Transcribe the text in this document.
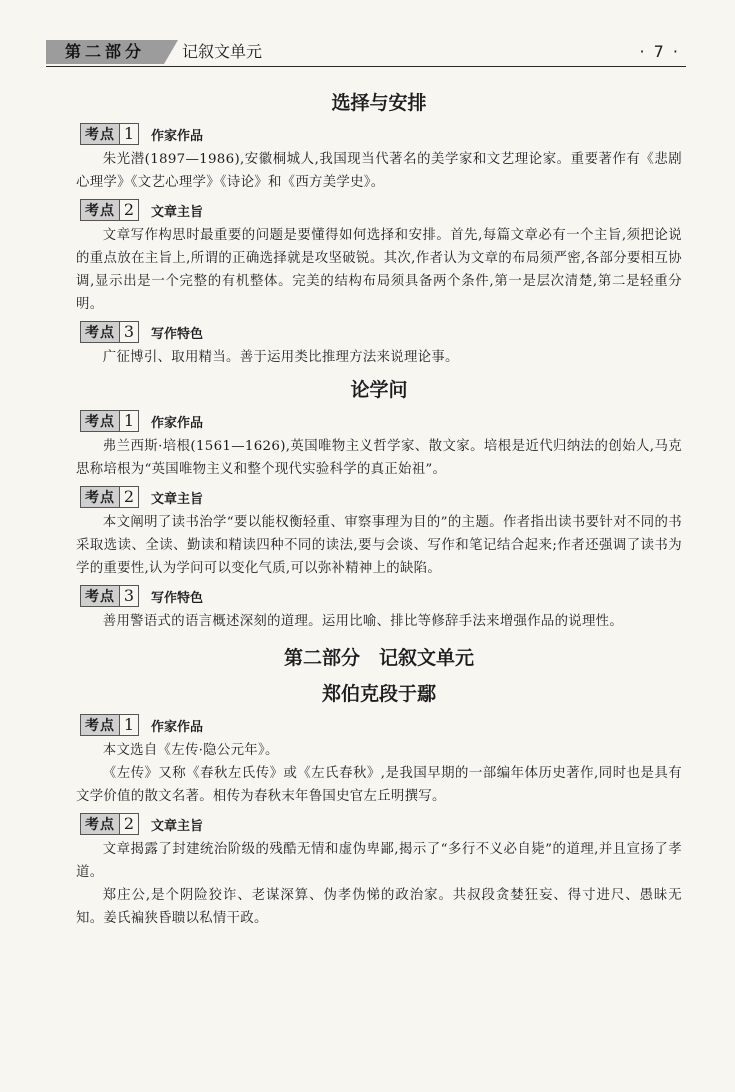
第二部分	记叙文单元	· 7 ·
选择与安排
考点 1	作家作品

朱光潜(1897—1986),安徽桐城人,我国现当代著名的美学家和文艺理论家。重要著作有《悲剧心理学》《文艺心理学》《诗论》和《西方美学史》。

考点 2	文章主旨

文章写作构思时最重要的问题是要懂得如何选择和安排。首先,每篇文章必有一个主旨,须把论说的重点放在主旨上,所谓的正确选择就是攻坚破锐。其次,作者认为文章的布局须严密,各部分要相互协调,显示出是一个完整的有机整体。完美的结构布局须具备两个条件,第一是层次清楚,第二是轻重分明。

考点 3	写作特色

广征博引、取用精当。善于运用类比推理方法来说理论事。

论学问
考点 1	作家作品

弗兰西斯·培根(1561—1626),英国唯物主义哲学家、散文家。培根是近代归纳法的创始人,马克思称培根为“英国唯物主义和整个现代实验科学的真正始祖”。

考点 2	文章主旨

本文阐明了读书治学“要以能权衡轻重、审察事理为目的”的主题。作者指出读书要针对不同的书采取选读、全读、勤读和精读四种不同的读法,要与会谈、写作和笔记结合起来;作者还强调了读书为学的重要性,认为学问可以变化气质,可以弥补精神上的缺陷。

考点 3	写作特色

善用警语式的语言概述深刻的道理。运用比喻、排比等修辞手法来增强作品的说理性。

第二部分　记叙文单元
郑伯克段于鄢
考点 1	作家作品

本文选自《左传·隐公元年》。

《左传》又称《春秋左氏传》或《左氏春秋》,是我国早期的一部编年体历史著作,同时也是具有文学价值的散文名著。相传为春秋末年鲁国史官左丘明撰写。

考点 2	文章主旨

文章揭露了封建统治阶级的残酷无情和虚伪卑鄙,揭示了“多行不义必自毙”的道理,并且宣扬了孝道。

郑庄公,是个阴险狡诈、老谋深算、伪孝伪悌的政治家。共叔段贪婪狂妄、得寸进尺、愚昧无知。姜氏褊狭昏聩以私情干政。
